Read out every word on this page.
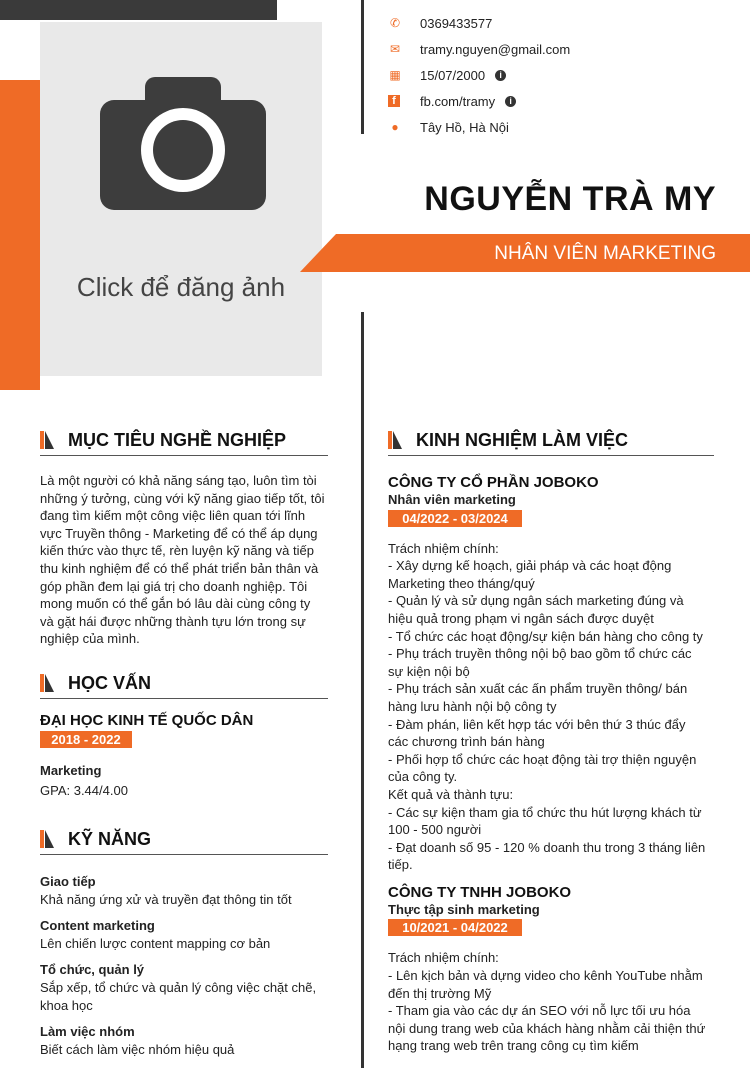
Click để đăng ảnh
✆ 0369433577
✉ tramy.nguyen@gmail.com
▦ 15/07/2000	i
f	fb.com/tramy	i
● Tây Hồ, Hà Nội
NGUYỄN TRÀ MY
NHÂN VIÊN MARKETING
MỤC TIÊU NGHỀ NGHIỆP
Là một người có khả năng sáng tạo, luôn tìm tòi
những ý tưởng, cùng với kỹ năng giao tiếp tốt, tôi
đang tìm kiếm một công việc liên quan tới lĩnh
vực Truyền thông - Marketing để có thể áp dụng
kiến thức vào thực tế, rèn luyện kỹ năng và tiếp
thu kinh nghiệm để có thể phát triển bản thân và
góp phần đem lại giá trị cho doanh nghiệp. Tôi
mong muốn có thể gắn bó lâu dài cùng công ty
và gặt hái được những thành tựu lớn trong sự
nghiệp của mình.
HỌC VẤN
ĐẠI HỌC KINH TẾ QUỐC DÂN
2018 - 2022
Marketing
GPA: 3.44/4.00
KỸ NĂNG
Giao tiếp
Khả năng ứng xử và truyền đạt thông tin tốt
Content marketing
Lên chiến lược content mapping cơ bản
Tổ chức, quản lý
Sắp xếp, tổ chức và quản lý công việc chặt chẽ,
khoa học
Làm việc nhóm
Biết cách làm việc nhóm hiệu quả
KINH NGHIỆM LÀM VIỆC
CÔNG TY CỔ PHẦN JOBOKO
Nhân viên marketing
04/2022 - 03/2024
Trách nhiệm chính:
- Xây dựng kế hoạch, giải pháp và các hoạt động
Marketing theo tháng/quý
- Quản lý và sử dụng ngân sách marketing đúng và
hiệu quả trong phạm vi ngân sách được duyệt
- Tổ chức các hoạt động/sự kiện bán hàng cho công ty
- Phụ trách truyền thông nội bộ bao gồm tổ chức các
sự kiện nội bộ
- Phụ trách sản xuất các ấn phẩm truyền thông/ bán
hàng lưu hành nội bộ công ty
- Đàm phán, liên kết hợp tác với bên thứ 3 thúc đẩy
các chương trình bán hàng
- Phối hợp tổ chức các hoạt động tài trợ thiện nguyện
của công ty.
Kết quả và thành tựu:
- Các sự kiện tham gia tổ chức thu hút lượng khách từ
100 - 500 người
- Đạt doanh số 95 - 120 % doanh thu trong 3 tháng liên
tiếp.
CÔNG TY TNHH JOBOKO
Thực tập sinh marketing
10/2021 - 04/2022
Trách nhiệm chính:
- Lên kịch bản và dựng video cho kênh YouTube nhằm
đến thị trường Mỹ
- Tham gia vào các dự án SEO với nỗ lực tối ưu hóa
nội dung trang web của khách hàng nhằm cải thiện thứ
hạng trang web trên trang công cụ tìm kiếm
